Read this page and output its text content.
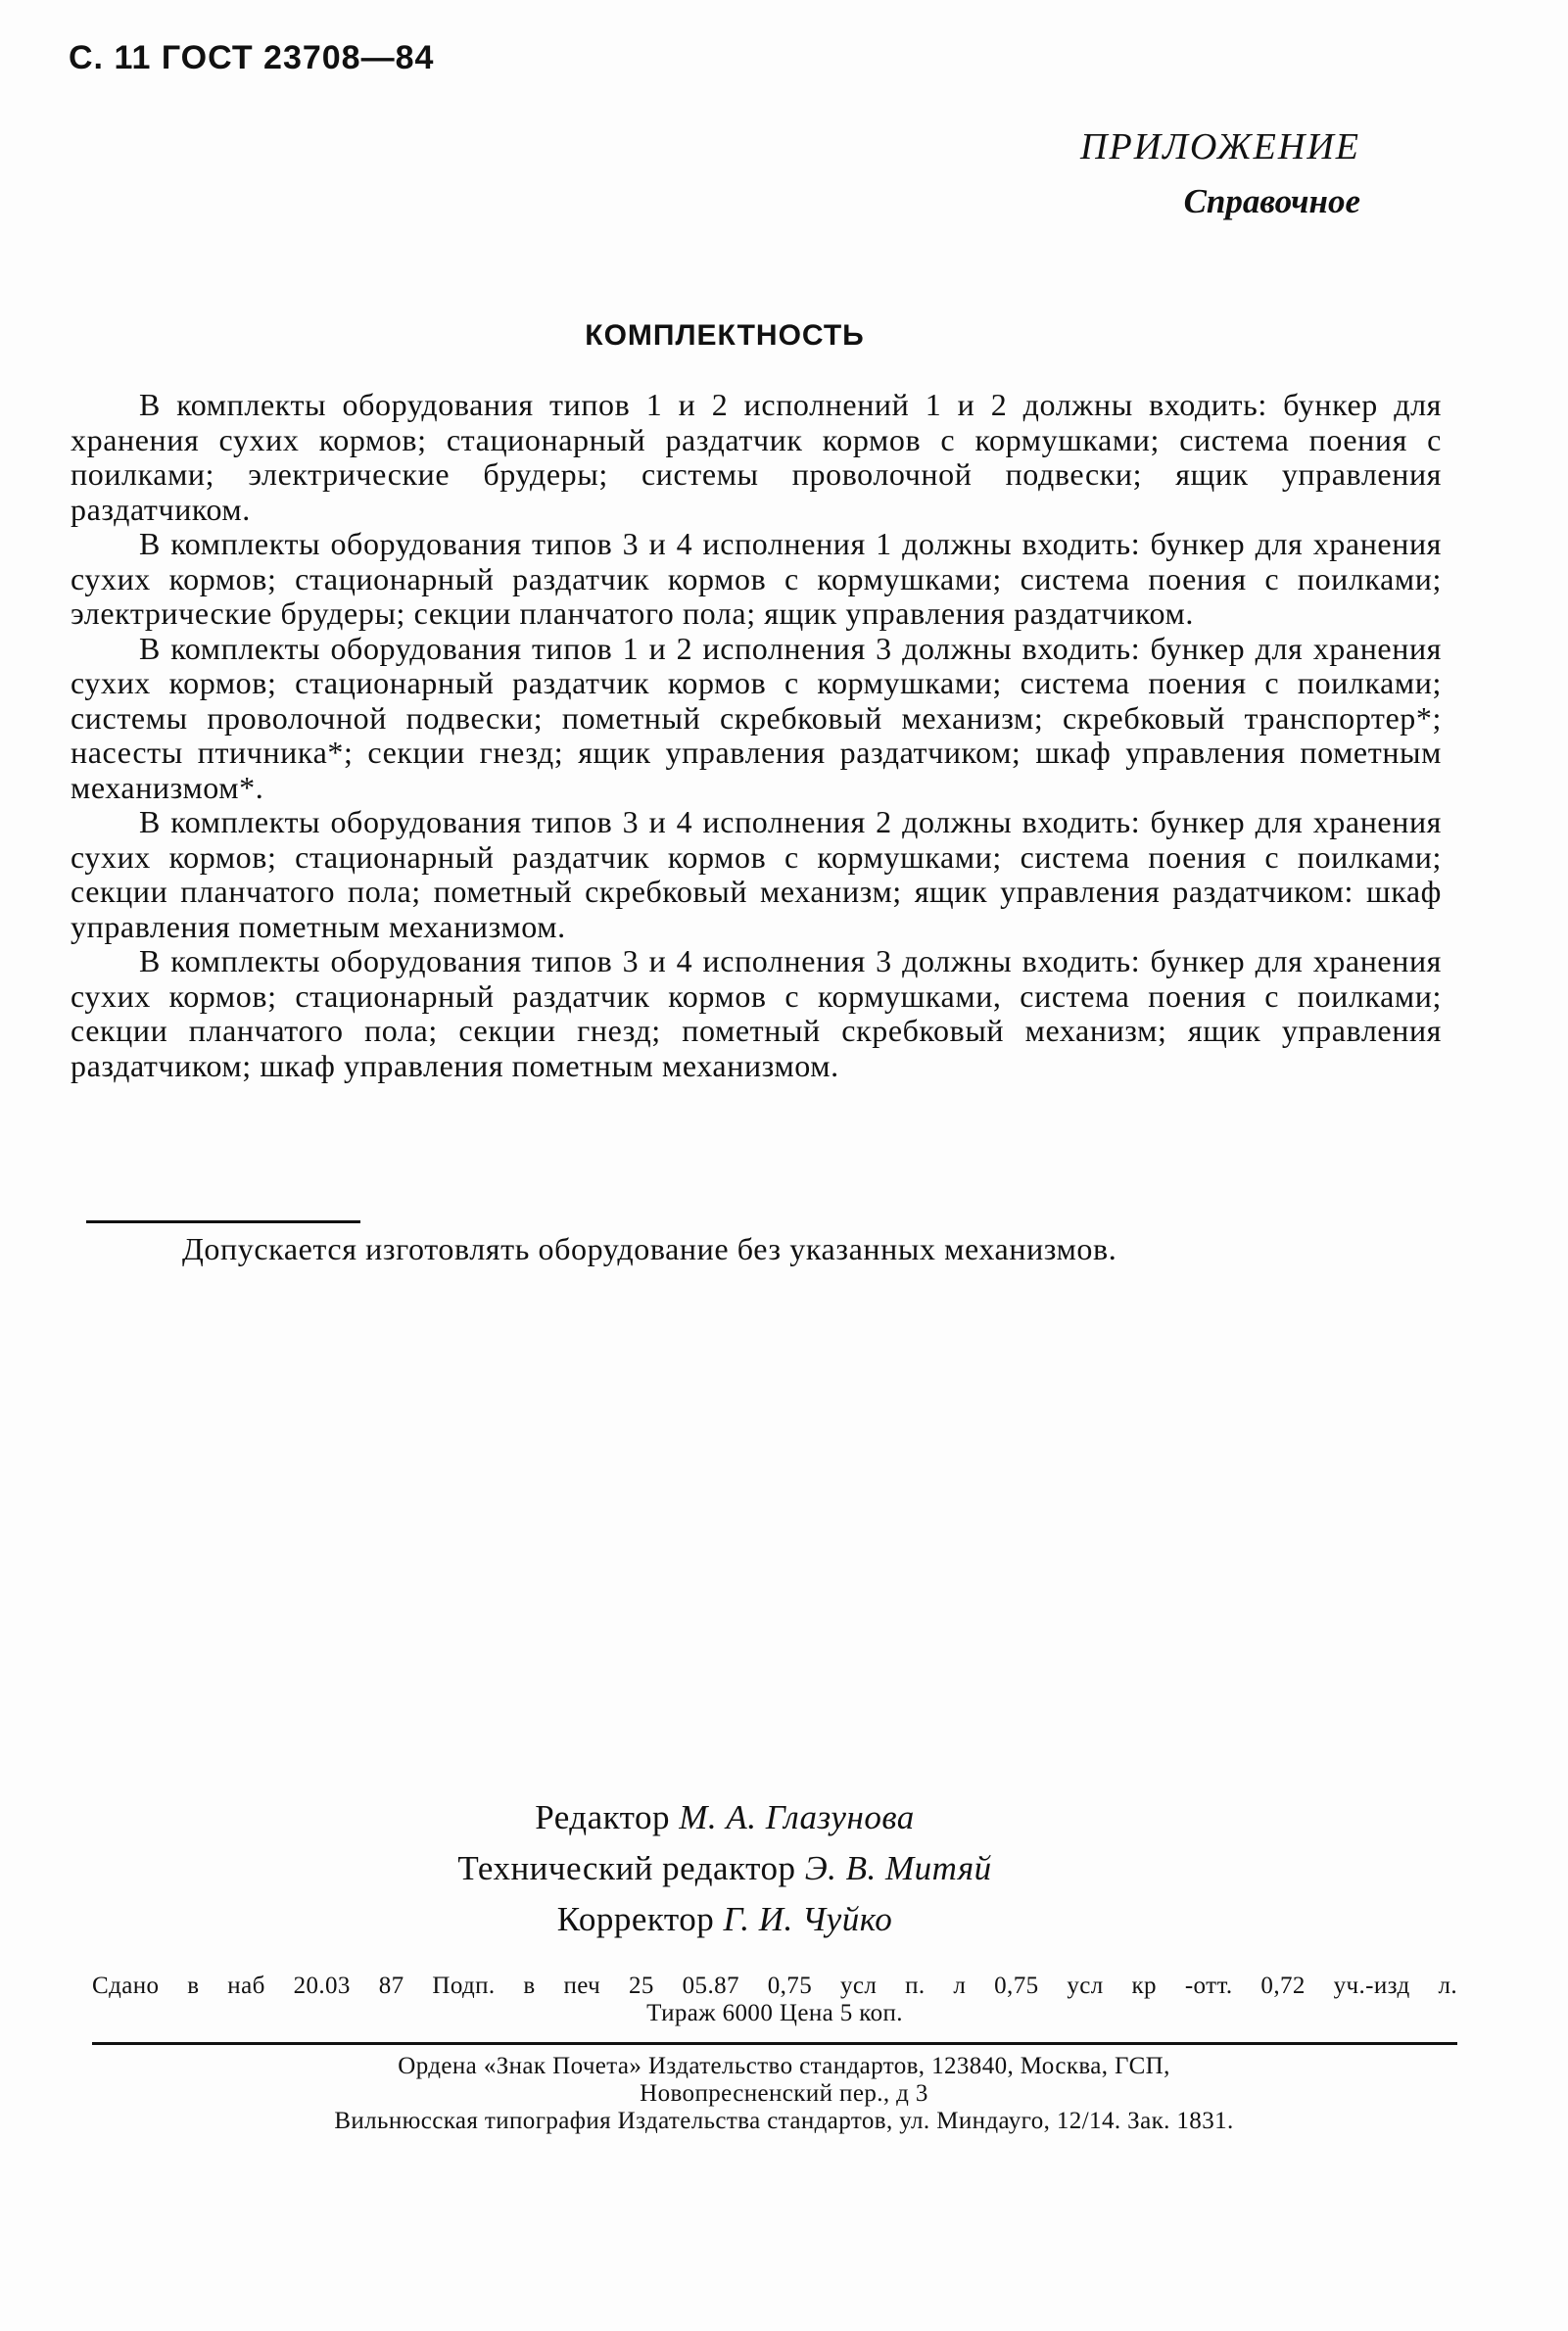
С. 11 ГОСТ 23708—84
ПРИЛОЖЕНИЕ
Справочное
КОМПЛЕКТНОСТЬ

В комплекты оборудования типов 1 и 2 исполнений 1 и 2 должны входить: бункер для хранения сухих кормов; стационарный раздатчик кормов с кормушками; система поения с поилками; электрические брудеры; системы проволочной подвески; ящик управления раздатчиком.

В комплекты оборудования типов 3 и 4 исполнения 1 должны входить: бункер для хранения сухих кормов; стационарный раздатчик кормов с кормушками; система поения с поилками; электрические брудеры; секции планчатого пола; ящик управления раздатчиком.

В комплекты оборудования типов 1 и 2 исполнения 3 должны входить: бункер для хранения сухих кормов; стационарный раздатчик кормов с кормушками; система поения с поилками; системы проволочной подвески; пометный скребковый механизм; скребковый транспортер*; насесты птичника*; секции гнезд; ящик управления раздатчиком; шкаф управления пометным механизмом*.

В комплекты оборудования типов 3 и 4 исполнения 2 должны входить: бункер для хранения сухих кормов; стационарный раздатчик кормов с кормушками; система поения с поилками; секции планчатого пола; пометный скребковый механизм; ящик управления раздатчиком: шкаф управления пометным механизмом.

В комплекты оборудования типов 3 и 4 исполнения 3 должны входить: бункер для хранения сухих кормов; стационарный раздатчик кормов с кормушками, система поения с поилками; секции планчатого пола; секции гнезд; пометный скребковый механизм; ящик управления раздатчиком; шкаф управления пометным механизмом.

Допускается изготовлять оборудование без указанных механизмов.
Редактор М. А. Глазунова
Технический редактор Э. В. Митяй
Корректор Г. И. Чуйко
Сдано в наб 20.03 87 Подп. в печ 25 05.87 0,75 усл п. л 0,75 усл кр -отт. 0,72 уч.-изд л.
Тираж 6000 Цена 5 коп.
Ордена «Знак Почета» Издательство стандартов, 123840, Москва, ГСП,
Новопресненский пер., д 3
Вильнюсская типография Издательства стандартов, ул. Миндауго, 12/14. Зак. 1831.
